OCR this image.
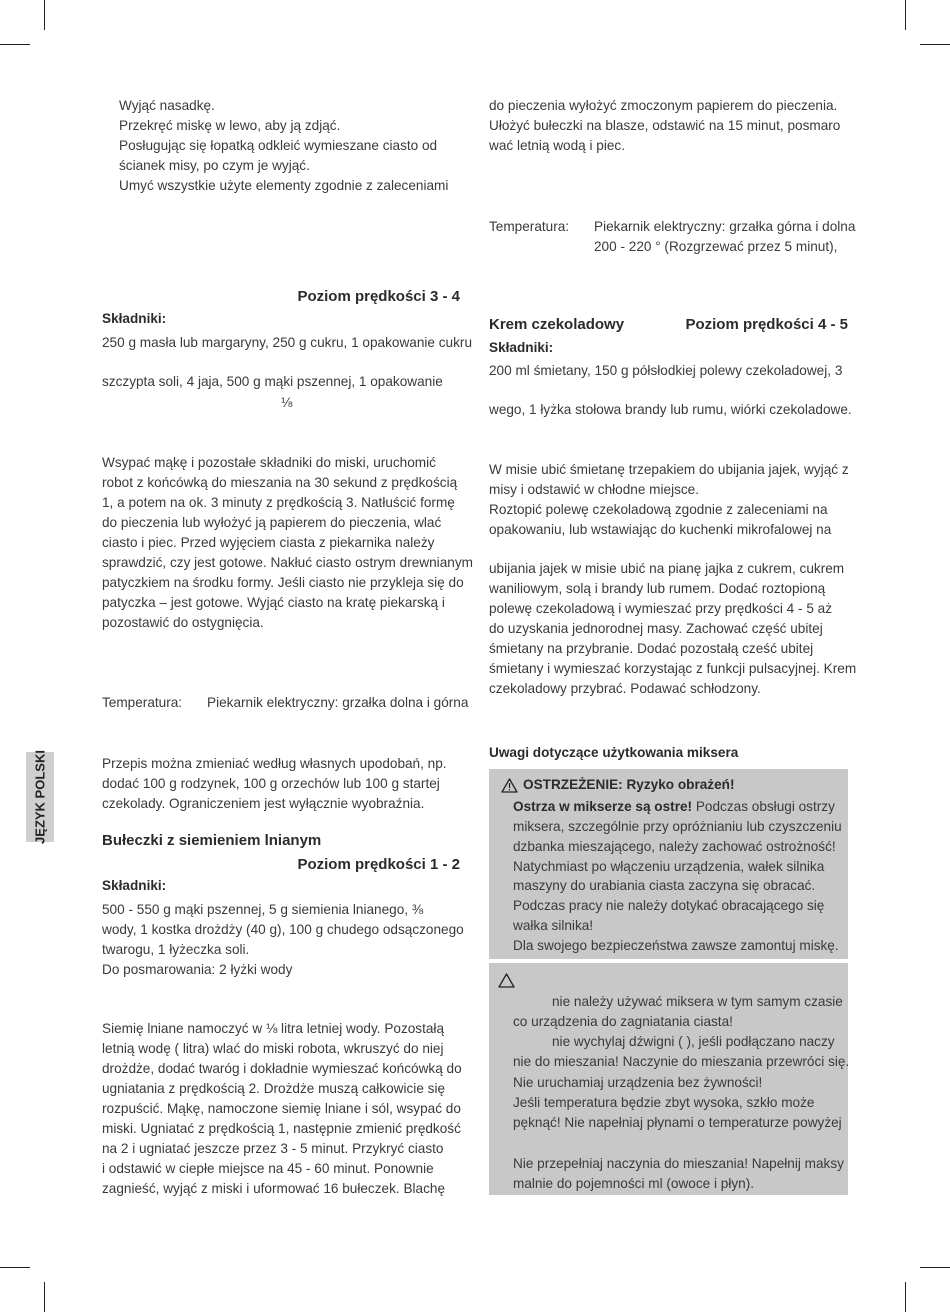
JĘZYK POLSKI
Wyjąć nasadkę.
Przekręć miskę w lewo, aby ją zdjąć.
Posługując się łopatką odkleić wymieszane ciasto od
ścianek misy, po czym je wyjąć.
Umyć wszystkie użyte elementy zgodnie z zaleceniami
Poziom prędkości 3 - 4
Składniki:
250 g masła lub margaryny, 250 g cukru, 1 opakowanie cukru
szczypta soli, 4 jaja, 500 g mąki pszennej, 1 opakowanie
⅛
Wsypać mąkę i pozostałe składniki do miski, uruchomić
robot z końcówką do mieszania na 30 sekund z prędkością
1, a potem na ok. 3 minuty z prędkością 3. Natłuścić formę
do pieczenia lub wyłożyć ją papierem do pieczenia, wlać
ciasto i piec. Przed wyjęciem ciasta z piekarnika należy
sprawdzić, czy jest gotowe. Nakłuć ciasto ostrym drewnianym
patyczkiem na środku formy. Jeśli ciasto nie przykleja się do
patyczka – jest gotowe. Wyjąć ciasto na kratę piekarską i
pozostawić do ostygnięcia.
Temperatura: Piekarnik elektryczny: grzałka dolna i górna
Przepis można zmieniać według własnych upodobań, np.
dodać 100 g rodzynek, 100 g orzechów lub 100 g startej
czekolady. Ograniczeniem jest wyłącznie wyobraźnia.
Bułeczki z siemieniem lnianym
Poziom prędkości 1 - 2
Składniki:
500 - 550 g mąki pszennej, 5 g siemienia lnianego, ⅜
wody, 1 kostka drożdży (40 g), 100 g chudego odsączonego
twarogu, 1 łyżeczka soli.
Do posmarowania: 2 łyżki wody
Siemię lniane namoczyć w ⅛ litra letniej wody. Pozostałą
letnią wodę ( litra) wlać do miski robota, wkruszyć do niej
drożdże, dodać twaróg i dokładnie wymieszać końcówką do
ugniatania z prędkością 2. Drożdże muszą całkowicie się
rozpuścić. Mąkę, namoczone siemię lniane i sól, wsypać do
miski. Ugniatać z prędkością 1, następnie zmienić prędkość
na 2 i ugniatać jeszcze przez 3 - 5 minut. Przykryć ciasto
i odstawić w ciepłe miejsce na 45 - 60 minut. Ponownie
zagnieść, wyjąć z miski i uformować 16 bułeczek. Blachę
do pieczenia wyłożyć zmoczonym papierem do pieczenia.
Ułożyć bułeczki na blasze, odstawić na 15 minut, posmaro
wać letnią wodą i piec.
Temperatura: Piekarnik elektryczny: grzałka górna i dolna
200 - 220 ° (Rozgrzewać przez 5 minut),
Krem czekoladowy	Poziom prędkości 4 - 5
Składniki:
200 ml śmietany, 150 g półsłodkiej polewy czekoladowej, 3
wego, 1 łyżka stołowa brandy lub rumu, wiórki czekoladowe.
W misie ubić śmietanę trzepakiem do ubijania jajek, wyjąć z
misy i odstawić w chłodne miejsce.
Roztopić polewę czekoladową zgodnie z zaleceniami na
opakowaniu, lub wstawiając do kuchenki mikrofalowej na
ubijania jajek w misie ubić na pianę jajka z cukrem, cukrem
waniliowym, solą i brandy lub rumem. Dodać roztopioną
polewę czekoladową i wymieszać przy prędkości 4 - 5 aż
do uzyskania jednorodnej masy. Zachować część ubitej
śmietany na przybranie. Dodać pozostałą cześć ubitej
śmietany i wymieszać korzystając z funkcji pulsacyjnej. Krem
czekoladowy przybrać. Podawać schłodzony.
Uwagi dotyczące użytkowania miksera
OSTRZEŻENIE: Ryzyko obrażeń!
Ostrza w mikserze są ostre! Podczas obsługi ostrzy
miksera, szczególnie przy opróżnianiu lub czyszczeniu
dzbanka mieszającego, należy zachować ostrożność!
Natychmiast po włączeniu urządzenia, wałek silnika
maszyny do urabiania ciasta zaczyna się obracać.
Podczas pracy nie należy dotykać obracającego się
wałka silnika!
Dla swojego bezpieczeństwa zawsze zamontuj miskę.
nie należy używać miksera w tym samym czasie
co urządzenia do zagniatania ciasta!
nie wychylaj dźwigni ( ), jeśli podłączano naczy
nie do mieszania! Naczynie do mieszania przewróci się.
Nie uruchamiaj urządzenia bez żywności!
Jeśli temperatura będzie zbyt wysoka, szkło może
pęknąć! Nie napełniaj płynami o temperaturze powyżej
Nie przepełniaj naczynia do mieszania! Napełnij maksy
malnie do pojemności ml (owoce i płyn).
